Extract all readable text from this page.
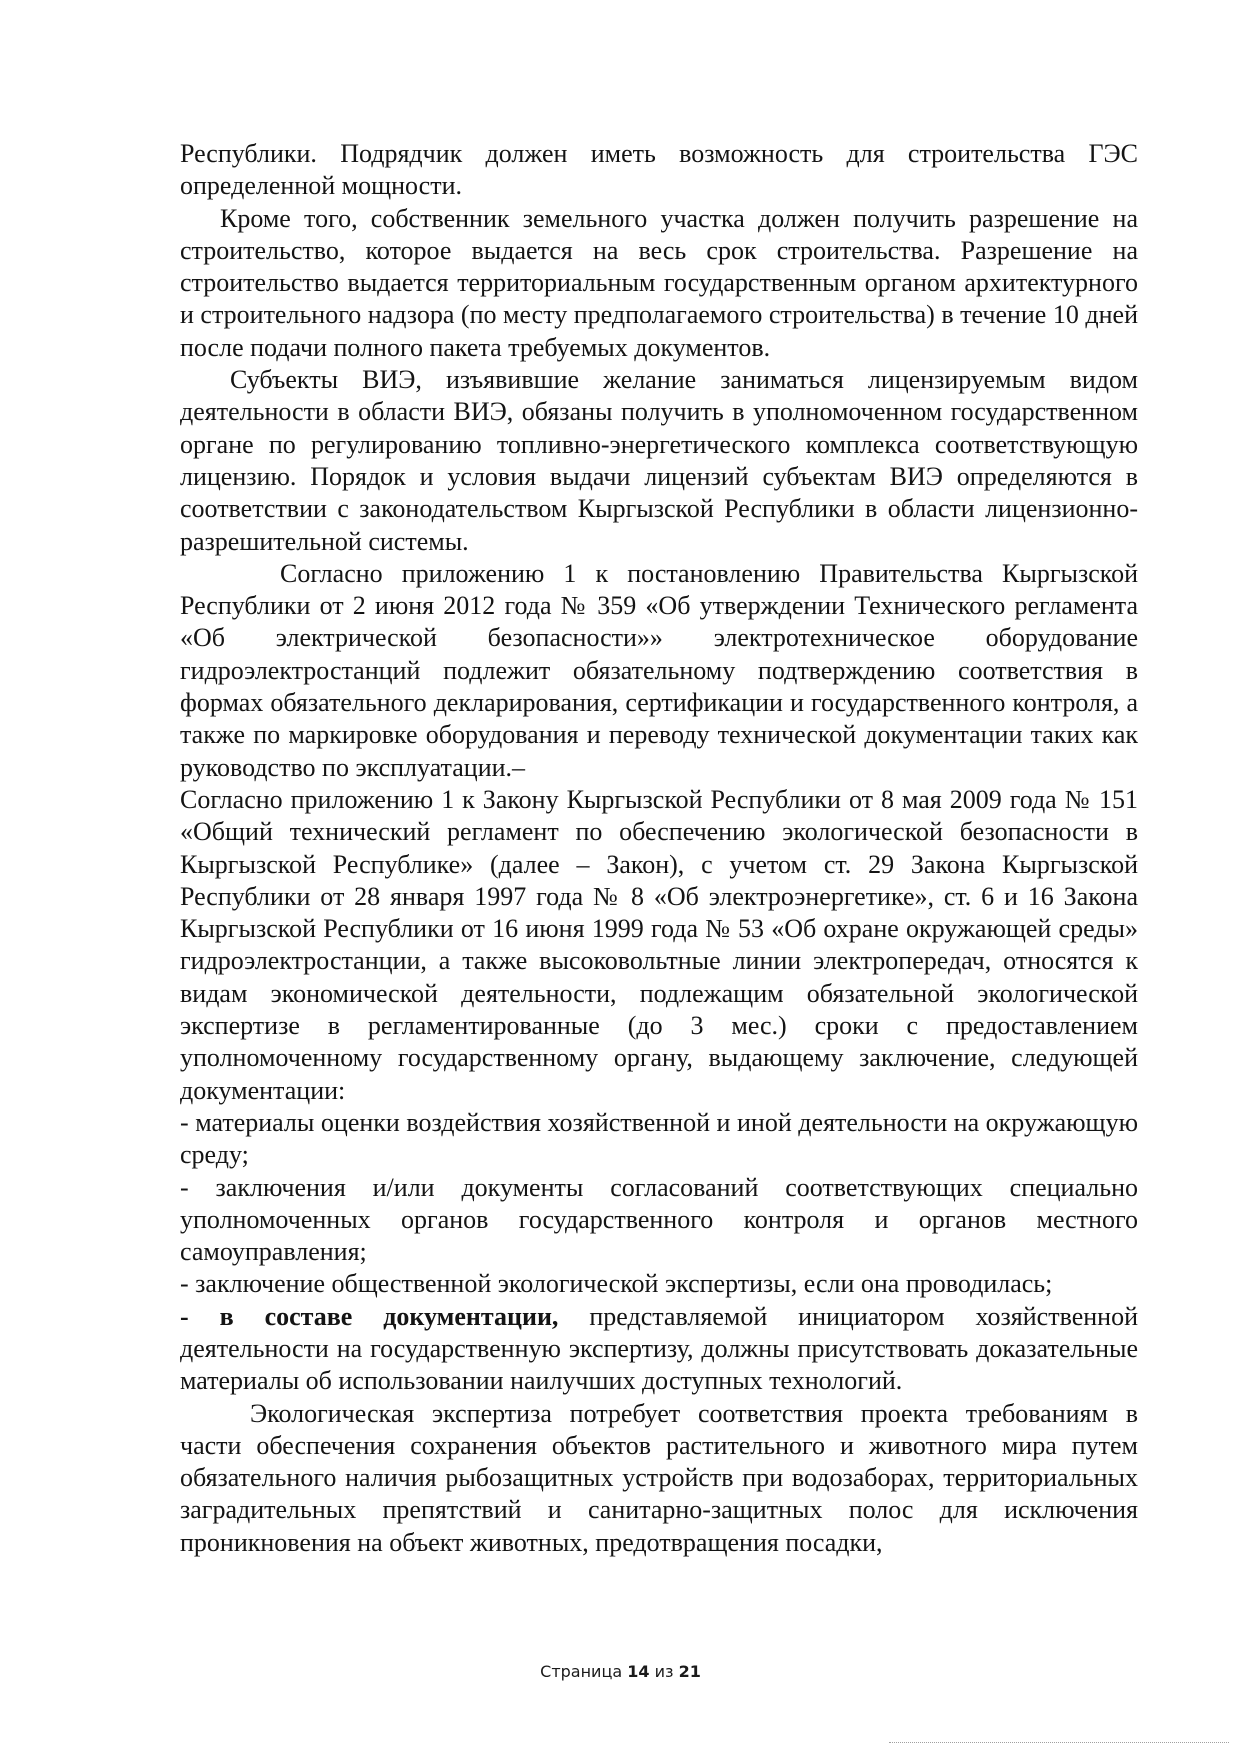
Республики. Подрядчик должен иметь возможность для строительства ГЭС определенной мощности.

Кроме того, собственник земельного участка должен получить разрешение на строительство, которое выдается на весь срок строительства. Разрешение на строительство выдается территориальным государственным органом архитектурного и строительного надзора (по месту предполагаемого строительства) в течение 10 дней после подачи полного пакета требуемых документов.

Субъекты ВИЭ, изъявившие желание заниматься лицензируемым видом деятельности в области ВИЭ, обязаны получить в уполномоченном государственном органе по регулированию топливно-энергетического комплекса соответствующую лицензию. Порядок и условия выдачи лицензий субъектам ВИЭ определяются в соответствии с законодательством Кыргызской Республики в области лицензионно-разрешительной системы.

Согласно приложению 1 к постановлению Правительства Кыргызской Республики от 2 июня 2012 года № 359 «Об утверждении Технического регламента «Об электрической безопасности»» электротехническое оборудование гидроэлектростанций подлежит обязательному подтверждению соответствия в формах обязательного декларирования, сертификации и государственного контроля, а также по маркировке оборудования и переводу технической документации таких как руководство по эксплуатации.–

Согласно приложению 1 к Закону Кыргызской Республики от 8 мая 2009 года № 151 «Общий технический регламент по обеспечению экологической безопасности в Кыргызской Республике» (далее – Закон), с учетом ст. 29 Закона Кыргызской Республики от 28 января 1997 года № 8 «Об электроэнергетике», ст. 6 и 16 Закона Кыргызской Республики от 16 июня 1999 года № 53 «Об охране окружающей среды» гидроэлектростанции, а также высоковольтные линии электропередач, относятся к видам экономической деятельности, подлежащим обязательной экологической экспертизе в регламентированные (до 3 мес.) сроки с предоставлением уполномоченному государственному органу, выдающему заключение, следующей документации:

- материалы оценки воздействия хозяйственной и иной деятельности на окружающую среду;

- заключения и/или документы согласований соответствующих специально уполномоченных органов государственного контроля и органов местного самоуправления;

- заключение общественной экологической экспертизы, если она проводилась;

- в составе документации, представляемой инициатором хозяйственной деятельности на государственную экспертизу, должны присутствовать доказательные материалы об использовании наилучших доступных технологий.

Экологическая экспертиза потребует соответствия проекта требованиям в части обеспечения сохранения объектов растительного и животного мира путем обязательного наличия рыбозащитных устройств при водозаборах, территориальных заградительных препятствий и санитарно-защитных полос для исключения проникновения на объект животных, предотвращения посадки,

Страница 14 из 21
